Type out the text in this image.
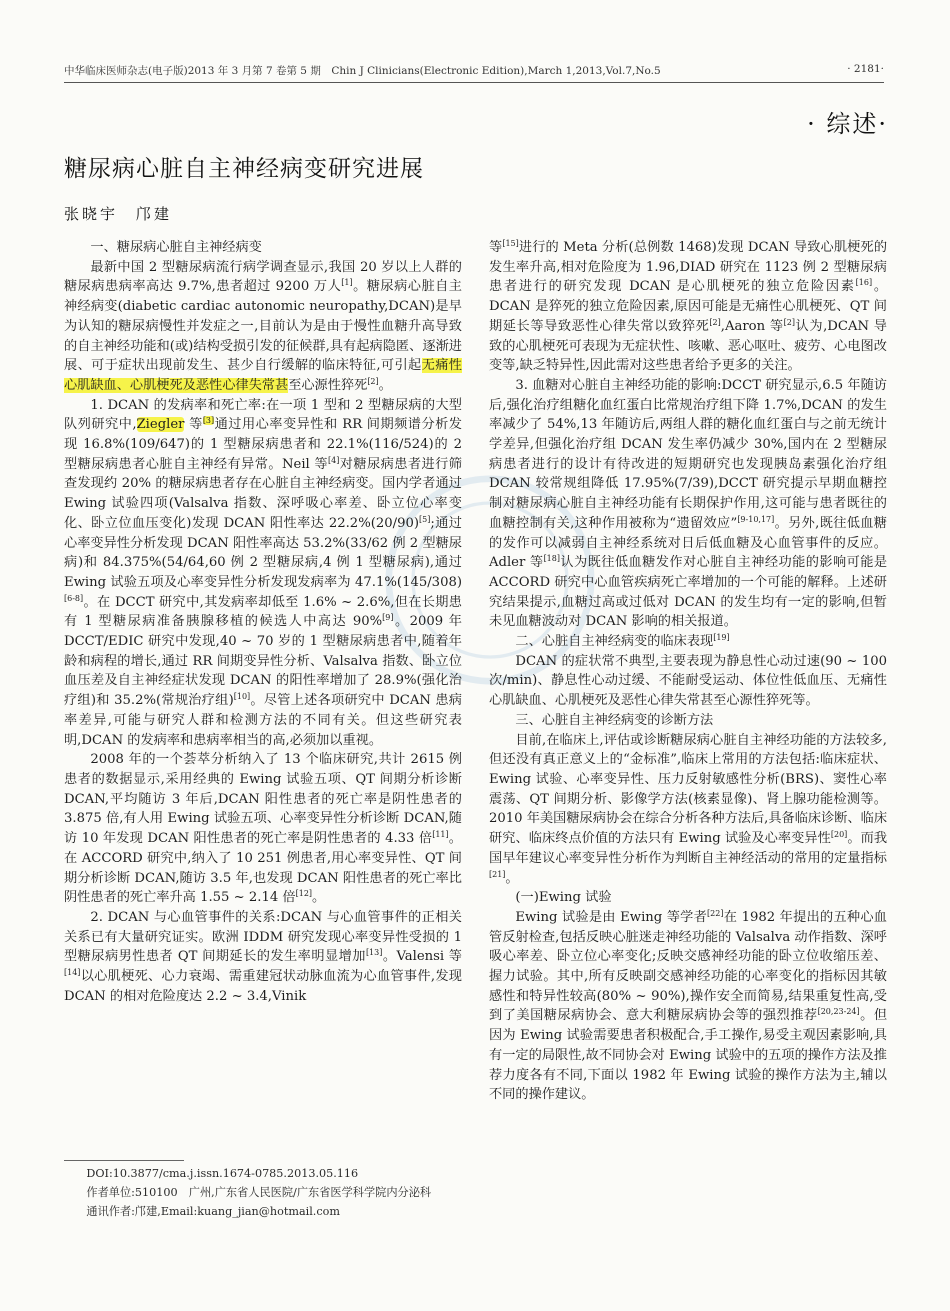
中华临床医师杂志(电子版)2013 年 3 月第 7 卷第 5 期　Chin J Clinicians(Electronic Edition),March 1,2013,Vol.7,No.5	· 2181·
· 综述·
糖尿病心脏自主神经病变研究进展
张晓宇　邝建
一、糖尿病心脏自主神经病变

最新中国 2 型糖尿病流行病学调查显示,我国 20 岁以上人群的糖尿病患病率高达 9.7%,患者超过 9200 万人[1]。糖尿病心脏自主神经病变(diabetic cardiac autonomic neuropathy,DCAN)是早为认知的糖尿病慢性并发症之一,目前认为是由于慢性血糖升高导致的自主神经功能和(或)结构受损引发的征候群,具有起病隐匿、逐渐进展、可于症状出现前发生、甚少自行缓解的临床特征,可引起无痛性心肌缺血、心肌梗死及恶性心律失常甚至心源性猝死[2]。

1. DCAN 的发病率和死亡率:在一项 1 型和 2 型糖尿病的大型队列研究中,Ziegler 等[3]通过用心率变异性和 RR 间期频谱分析发现 16.8%(109/647)的 1 型糖尿病患者和 22.1%(116/524)的 2 型糖尿病患者心脏自主神经有异常。Neil 等[4]对糖尿病患者进行筛查发现约 20% 的糖尿病患者存在心脏自主神经病变。国内学者通过 Ewing 试验四项(Valsalva 指数、深呼吸心率差、卧立位心率变化、卧立位血压变化)发现 DCAN 阳性率达 22.2%(20/90)[5];通过心率变异性分析发现 DCAN 阳性率高达 53.2%(33/62 例 2 型糖尿病)和 84.375%(54/64,60 例 2 型糖尿病,4 例 1 型糖尿病),通过 Ewing 试验五项及心率变异性分析发现发病率为 47.1%(145/308)[6-8]。在 DCCT 研究中,其发病率却低至 1.6% ~ 2.6%,但在长期患有 1 型糖尿病准备胰腺移植的候选人中高达 90%[9]。2009 年 DCCT/EDIC 研究中发现,40 ~ 70 岁的 1 型糖尿病患者中,随着年龄和病程的增长,通过 RR 间期变异性分析、Valsalva 指数、卧立位血压差及自主神经症状发现 DCAN 的阳性率增加了 28.9%(强化治疗组)和 35.2%(常规治疗组)[10]。尽管上述各项研究中 DCAN 患病率差异,可能与研究人群和检测方法的不同有关。但这些研究表明,DCAN 的发病率和患病率相当的高,必须加以重视。

2008 年的一个荟萃分析纳入了 13 个临床研究,共计 2615 例患者的数据显示,采用经典的 Ewing 试验五项、QT 间期分析诊断 DCAN,平均随访 3 年后,DCAN 阳性患者的死亡率是阴性患者的 3.875 倍,有人用 Ewing 试验五项、心率变异性分析诊断 DCAN,随访 10 年发现 DCAN 阳性患者的死亡率是阴性患者的 4.33 倍[11]。在 ACCORD 研究中,纳入了 10 251 例患者,用心率变异性、QT 间期分析诊断 DCAN,随访 3.5 年,也发现 DCAN 阳性患者的死亡率比阴性患者的死亡率升高 1.55 ~ 2.14 倍[12]。

2. DCAN 与心血管事件的关系:DCAN 与心血管事件的正相关关系已有大量研究证实。欧洲 IDDM 研究发现心率变异性受损的 1 型糖尿病男性患者 QT 间期延长的发生率明显增加[13]。Valensi 等[14]以心肌梗死、心力衰竭、需重建冠状动脉血流为心血管事件,发现 DCAN 的相对危险度达 2.2 ~ 3.4,Vinik

等[15]进行的 Meta 分析(总例数 1468)发现 DCAN 导致心肌梗死的发生率升高,相对危险度为 1.96,DIAD 研究在 1123 例 2 型糖尿病患者进行的研究发现 DCAN 是心肌梗死的独立危险因素[16]。DCAN 是猝死的独立危险因素,原因可能是无痛性心肌梗死、QT 间期延长等导致恶性心律失常以致猝死[2],Aaron 等[2]认为,DCAN 导致的心肌梗死可表现为无症状性、咳嗽、恶心呕吐、疲劳、心电图改变等,缺乏特异性,因此需对这些患者给予更多的关注。

3. 血糖对心脏自主神经功能的影响:DCCT 研究显示,6.5 年随访后,强化治疗组糖化血红蛋白比常规治疗组下降 1.7%,DCAN 的发生率减少了 54%,13 年随访后,两组人群的糖化血红蛋白与之前无统计学差异,但强化治疗组 DCAN 发生率仍减少 30%,国内在 2 型糖尿病患者进行的设计有待改进的短期研究也发现胰岛素强化治疗组 DCAN 较常规组降低 17.95%(7/39),DCCT 研究提示早期血糖控制对糖尿病心脏自主神经功能有长期保护作用,这可能与患者既往的血糖控制有关,这种作用被称为“遗留效应”[9-10,17]。另外,既往低血糖的发作可以减弱自主神经系统对日后低血糖及心血管事件的反应。Adler 等[18]认为既往低血糖发作对心脏自主神经功能的影响可能是 ACCORD 研究中心血管疾病死亡率增加的一个可能的解释。上述研究结果提示,血糖过高或过低对 DCAN 的发生均有一定的影响,但暂未见血糖波动对 DCAN 影响的相关报道。

二、心脏自主神经病变的临床表现[19]

DCAN 的症状常不典型,主要表现为静息性心动过速(90 ~ 100 次/min)、静息性心动过缓、不能耐受运动、体位性低血压、无痛性心肌缺血、心肌梗死及恶性心律失常甚至心源性猝死等。

三、心脏自主神经病变的诊断方法

目前,在临床上,评估或诊断糖尿病心脏自主神经功能的方法较多,但还没有真正意义上的“金标准”,临床上常用的方法包括:临床症状、Ewing 试验、心率变异性、压力反射敏感性分析(BRS)、窦性心率震荡、QT 间期分析、影像学方法(核素显像)、肾上腺功能检测等。2010 年美国糖尿病协会在综合分析各种方法后,具备临床诊断、临床研究、临床终点价值的方法只有 Ewing 试验及心率变异性[20]。而我国早年建议心率变异性分析作为判断自主神经活动的常用的定量指标[21]。

(一)Ewing 试验

Ewing 试验是由 Ewing 等学者[22]在 1982 年提出的五种心血管反射检查,包括反映心脏迷走神经功能的 Valsalva 动作指数、深呼吸心率差、卧立位心率变化;反映交感神经功能的卧立位收缩压差、握力试验。其中,所有反映副交感神经功能的心率变化的指标因其敏感性和特异性较高(80% ~ 90%),操作安全而简易,结果重复性高,受到了美国糖尿病协会、意大利糖尿病协会等的强烈推荐[20,23-24]。但因为 Ewing 试验需要患者积极配合,手工操作,易受主观因素影响,具有一定的局限性,故不同协会对 Ewing 试验中的五项的操作方法及推荐力度各有不同,下面以 1982 年 Ewing 试验的操作方法为主,辅以不同的操作建议。

DOI:10.3877/cma.j.issn.1674-0785.2013.05.116
作者单位:510100　广州,广东省人民医院/广东省医学科学院内分泌科
通讯作者:邝建,Email:kuang_jian@hotmail.com
